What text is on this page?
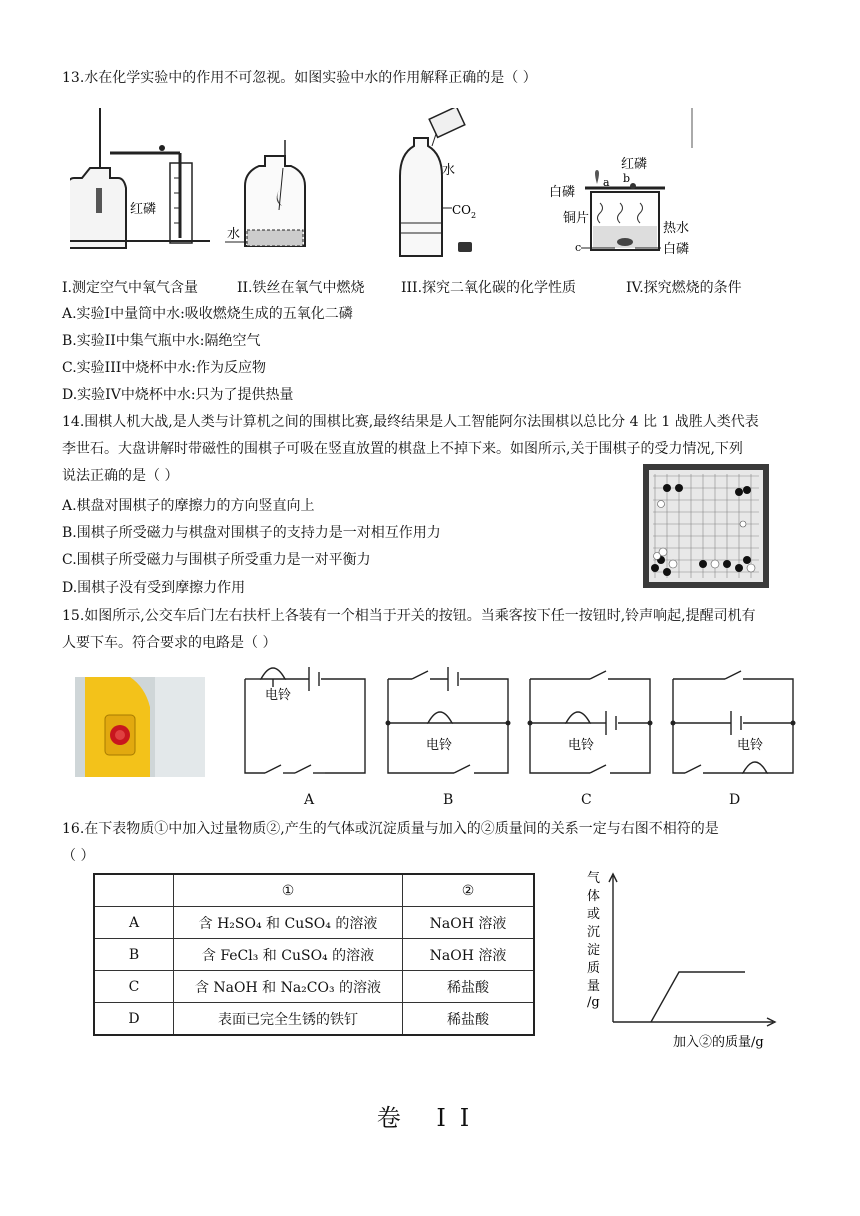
13.水在化学实验中的作用不可忽视。如图实验中水的作用解释正确的是（ ）
红磷
水
水
$CO_2$
红磷
a b
白磷
铜片
热水
c	白磷
I.测定空气中氧气含量	II.铁丝在氧气中燃烧	III.探究二氧化碳的化学性质	IV.探究燃烧的条件
A.实验I中量筒中水:吸收燃烧生成的五氧化二磷
B.实验II中集气瓶中水:隔绝空气
C.实验III中烧杯中水:作为反应物
D.实验IV中烧杯中水:只为了提供热量
14.围棋人机大战,是人类与计算机之间的围棋比赛,最终结果是人工智能阿尔法围棋以总比分 4 比 1 战胜人类代表
李世石。大盘讲解时带磁性的围棋子可吸在竖直放置的棋盘上不掉下来。如图所示,关于围棋子的受力情况,下列
说法正确的是（ ）
A.棋盘对围棋子的摩擦力的方向竖直向上
B.围棋子所受磁力与棋盘对围棋子的支持力是一对相互作用力
C.围棋子所受磁力与围棋子所受重力是一对平衡力
D.围棋子没有受到摩擦力作用
15.如图所示,公交车后门左右扶杆上各装有一个相当于开关的按钮。当乘客按下任一按钮时,铃声响起,提醒司机有
人要下车。符合要求的电路是（ ）
电铃
电铃	电铃	电铃
A	B	C	D
16.在下表物质①中加入过量物质②,产生的气体或沉淀质量与加入的②质量间的关系一定与右图不相符的是
（ ）
	①	②
A	含 H₂SO₄ 和 CuSO₄ 的溶液	NaOH 溶液
B	含 FeCl₃ 和 CuSO₄ 的溶液	NaOH 溶液
C	含 NaOH 和 Na₂CO₃ 的溶液	稀盐酸
D	表面已完全生锈的铁钉	稀盐酸
气
体
或
沉
淀
质
量
/g
加入②的质量/g
卷 II
